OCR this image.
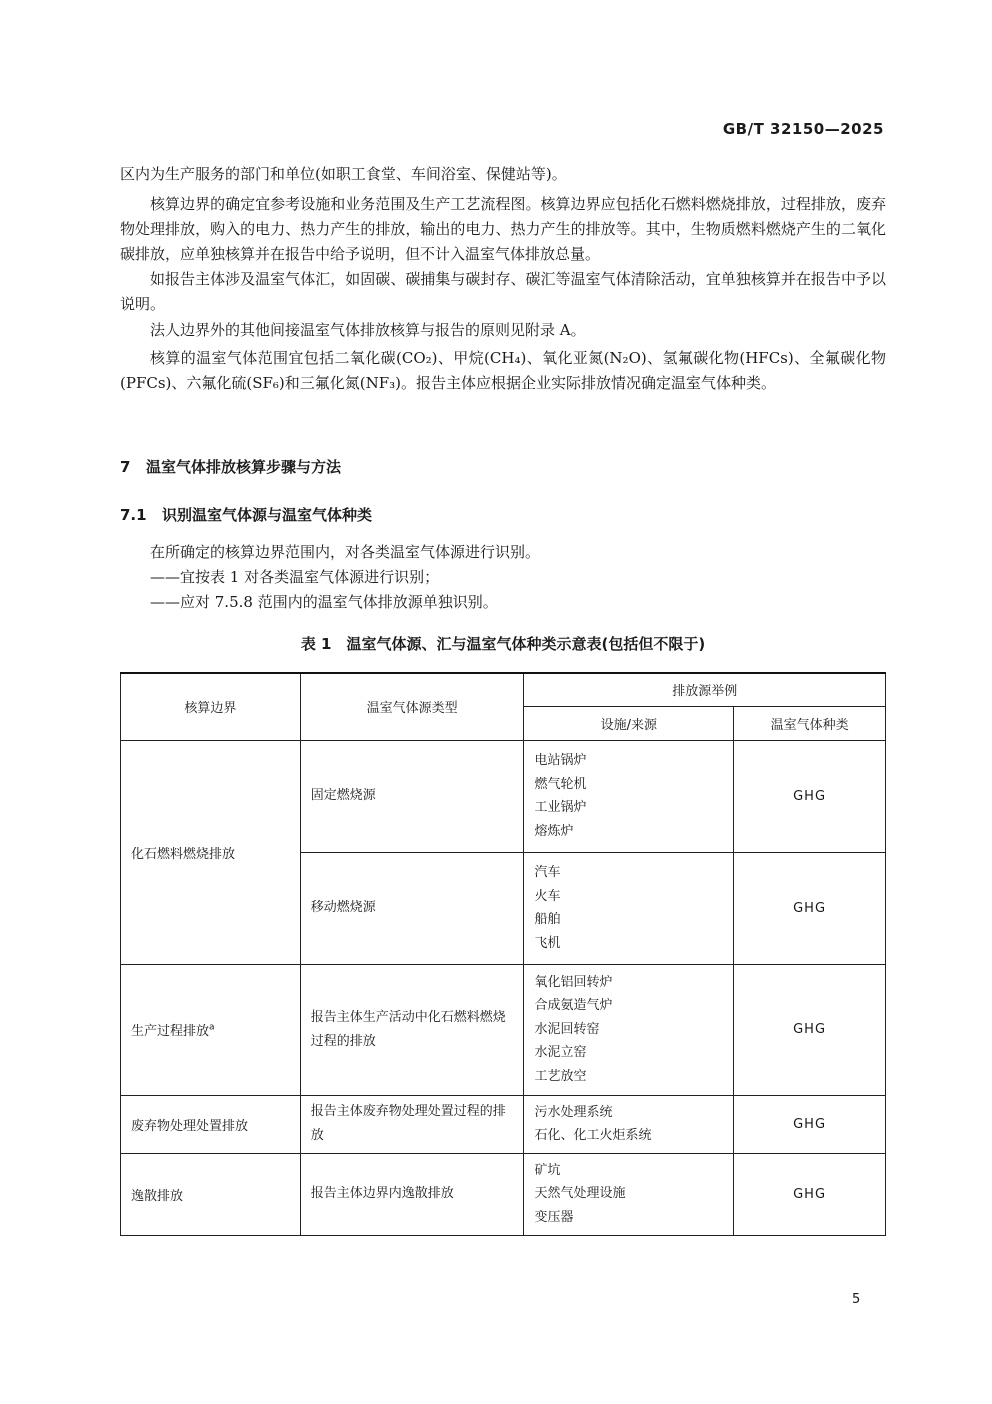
GB/T 32150—2025

区内为生产服务的部门和单位(如职工食堂、车间浴室、保健站等)。

核算边界的确定宜参考设施和业务范围及生产工艺流程图。核算边界应包括化石燃料燃烧排放，过程排放，废弃物处理排放，购入的电力、热力产生的排放，输出的电力、热力产生的排放等。其中，生物质燃料燃烧产生的二氧化碳排放，应单独核算并在报告中给予说明，但不计入温室气体排放总量。

如报告主体涉及温室气体汇，如固碳、碳捕集与碳封存、碳汇等温室气体清除活动，宜单独核算并在报告中予以说明。

法人边界外的其他间接温室气体排放核算与报告的原则见附录 A。

核算的温室气体范围宜包括二氧化碳(CO₂)、甲烷(CH₄)、氧化亚氮(N₂O)、氢氟碳化物(HFCs)、全氟碳化物(PFCs)、六氟化硫(SF₆)和三氟化氮(NF₃)。报告主体应根据企业实际排放情况确定温室气体种类。

7 温室气体排放核算步骤与方法
7.1 识别温室气体源与温室气体种类

在所确定的核算边界范围内，对各类温室气体源进行识别。

——宜按表 1 对各类温室气体源进行识别；

——应对 7.5.8 范围内的温室气体排放源单独识别。

表 1　温室气体源、汇与温室气体种类示意表(包括但不限于)
核算边界	温室气体源类型	排放源举例	
		设施/来源	温室气体种类
化石燃料燃烧排放	固定燃烧源	电站锅炉
燃气轮机
工业锅炉
熔炼炉	GHG
	移动燃烧源	汽车
火车
船舶
飞机	GHG
生产过程排放$^a$	报告主体生产活动中化石燃料燃烧过程的排放	氧化铝回转炉
合成氨造气炉
水泥回转窑
水泥立窑
工艺放空	GHG
废弃物处理处置排放	报告主体废弃物处理处置过程的排放	污水处理系统
石化、化工火炬系统	GHG
逸散排放	报告主体边界内逸散排放	矿坑
天然气处理设施
变压器	GHG
5
